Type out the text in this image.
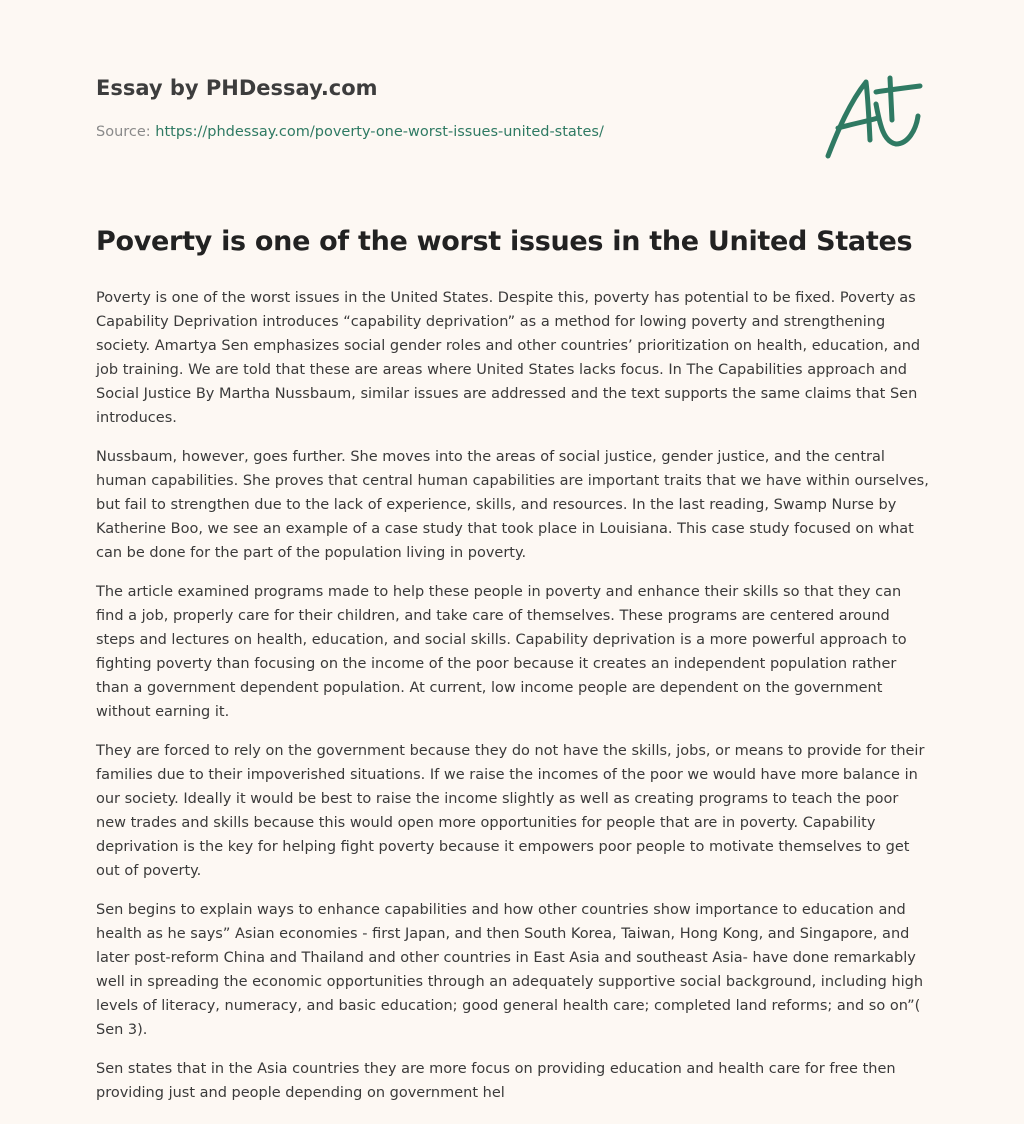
Essay by PHDessay.com
Source: https://phdessay.com/poverty-one-worst-issues-united-states/
Poverty is one of the worst issues in the United States

Poverty is one of the worst issues in the United States. Despite this, poverty has potential to be fixed. Poverty as Capability Deprivation introduces “capability deprivation” as a method for lowing poverty and strengthening society. Amartya Sen emphasizes social gender roles and other countries’ prioritization on health, education, and job training. We are told that these are areas where United States lacks focus. In The Capabilities approach and Social Justice By Martha Nussbaum, similar issues are addressed and the text supports the same claims that Sen introduces.

Nussbaum, however, goes further. She moves into the areas of social justice, gender justice, and the central human capabilities. She proves that central human capabilities are important traits that we have within ourselves, but fail to strengthen due to the lack of experience, skills, and resources. In the last reading, Swamp Nurse by Katherine Boo, we see an example of a case study that took place in Louisiana. This case study focused on what can be done for the part of the population living in poverty.

The article examined programs made to help these people in poverty and enhance their skills so that they can find a job, properly care for their children, and take care of themselves. These programs are centered around steps and lectures on health, education, and social skills. Capability deprivation is a more powerful approach to fighting poverty than focusing on the income of the poor because it creates an independent population rather than a government dependent population. At current, low income people are dependent on the government without earning it.

They are forced to rely on the government because they do not have the skills, jobs, or means to provide for their families due to their impoverished situations. If we raise the incomes of the poor we would have more balance in our society. Ideally it would be best to raise the income slightly as well as creating programs to teach the poor new trades and skills because this would open more opportunities for people that are in poverty. Capability deprivation is the key for helping fight poverty because it empowers poor people to motivate themselves to get out of poverty.

Sen begins to explain ways to enhance capabilities and how other countries show importance to education and health as he says” Asian economies - first Japan, and then South Korea, Taiwan, Hong Kong, and Singapore, and later post-reform China and Thailand and other countries in East Asia and southeast Asia- have done remarkably well in spreading the economic opportunities through an adequately supportive social background, including high levels of literacy, numeracy, and basic education; good general health care; completed land reforms; and so on”( Sen 3).

Sen states that in the Asia countries they are more focus on providing education and health care for free then providing just and people depending on government hel
